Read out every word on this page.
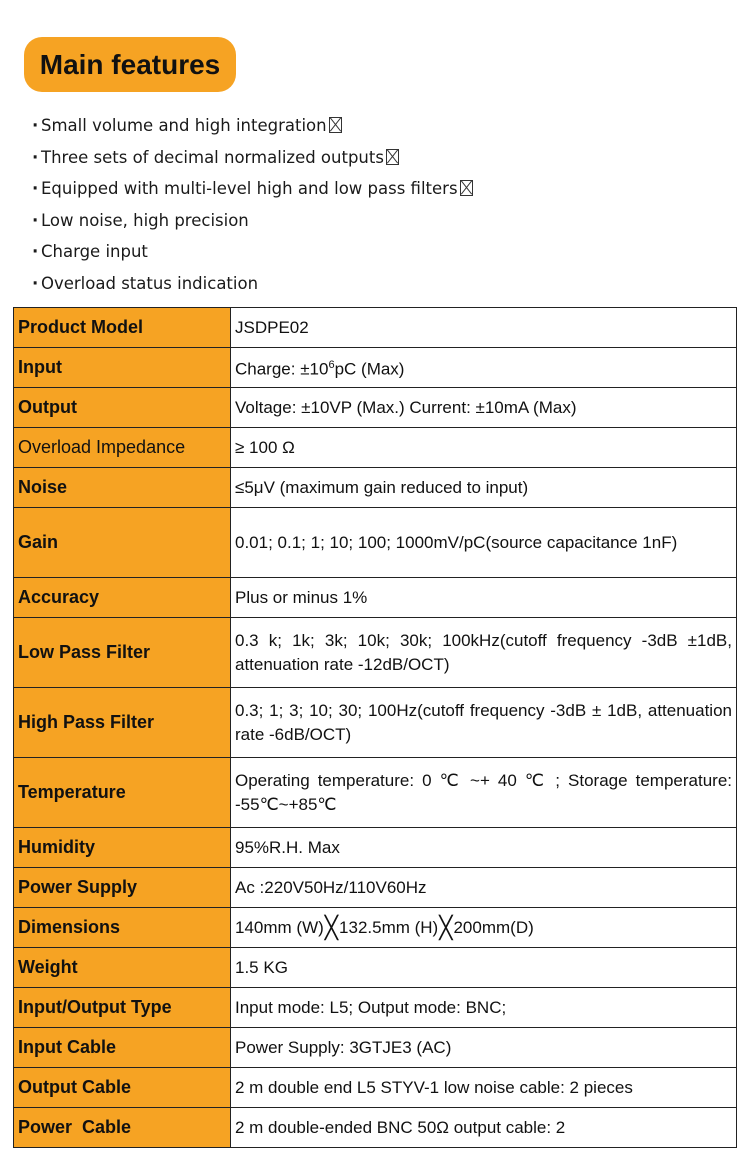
Main features
· Small volume and high integration
· Three sets of decimal normalized outputs
· Equipped with multi-level high and low pass filters
· Low noise, high precision
· Charge input
· Overload status indication
Product Model	JSDPE02
Input	Charge: $\pm 10^6pC$ (Max)
Output	Voltage: ±10VP (Max.) Current: ±10mA (Max)
Overload Impedance	≥ 100 Ω
Noise	≤5μV (maximum gain reduced to input)
Gain	0.01; 0.1; 1; 10; 100; 1000mV/pC(source capacitance 1nF)
Accuracy	Plus or minus 1%
Low Pass Filter	0.3 k; 1k; 3k; 10k; 30k; 100kHz(cutoff frequency -3dB ±1dB, attenuation rate -12dB/OCT)
High Pass Filter	0.3; 1; 3; 10; 30; 100Hz(cutoff frequency -3dB ± 1dB, attenuation rate -6dB/OCT)
Temperature	Operating temperature: 0 ℃ ~+ 40 ℃ ; Storage temperature: -55℃~+85℃
Humidity	95%R.H. Max
Power Supply	Ac :220V50Hz/110V60Hz
Dimensions	140mm (W)╳132.5mm (H)╳200mm(D)
Weight	1.5 KG
Input/Output Type	Input mode: L5; Output mode: BNC;
Input Cable	Power Supply: 3GTJE3 (AC)
Output Cable	2 m double end L5 STYV-1 low noise cable: 2 pieces
Power  Cable	2 m double-ended BNC 50Ω output cable: 2
